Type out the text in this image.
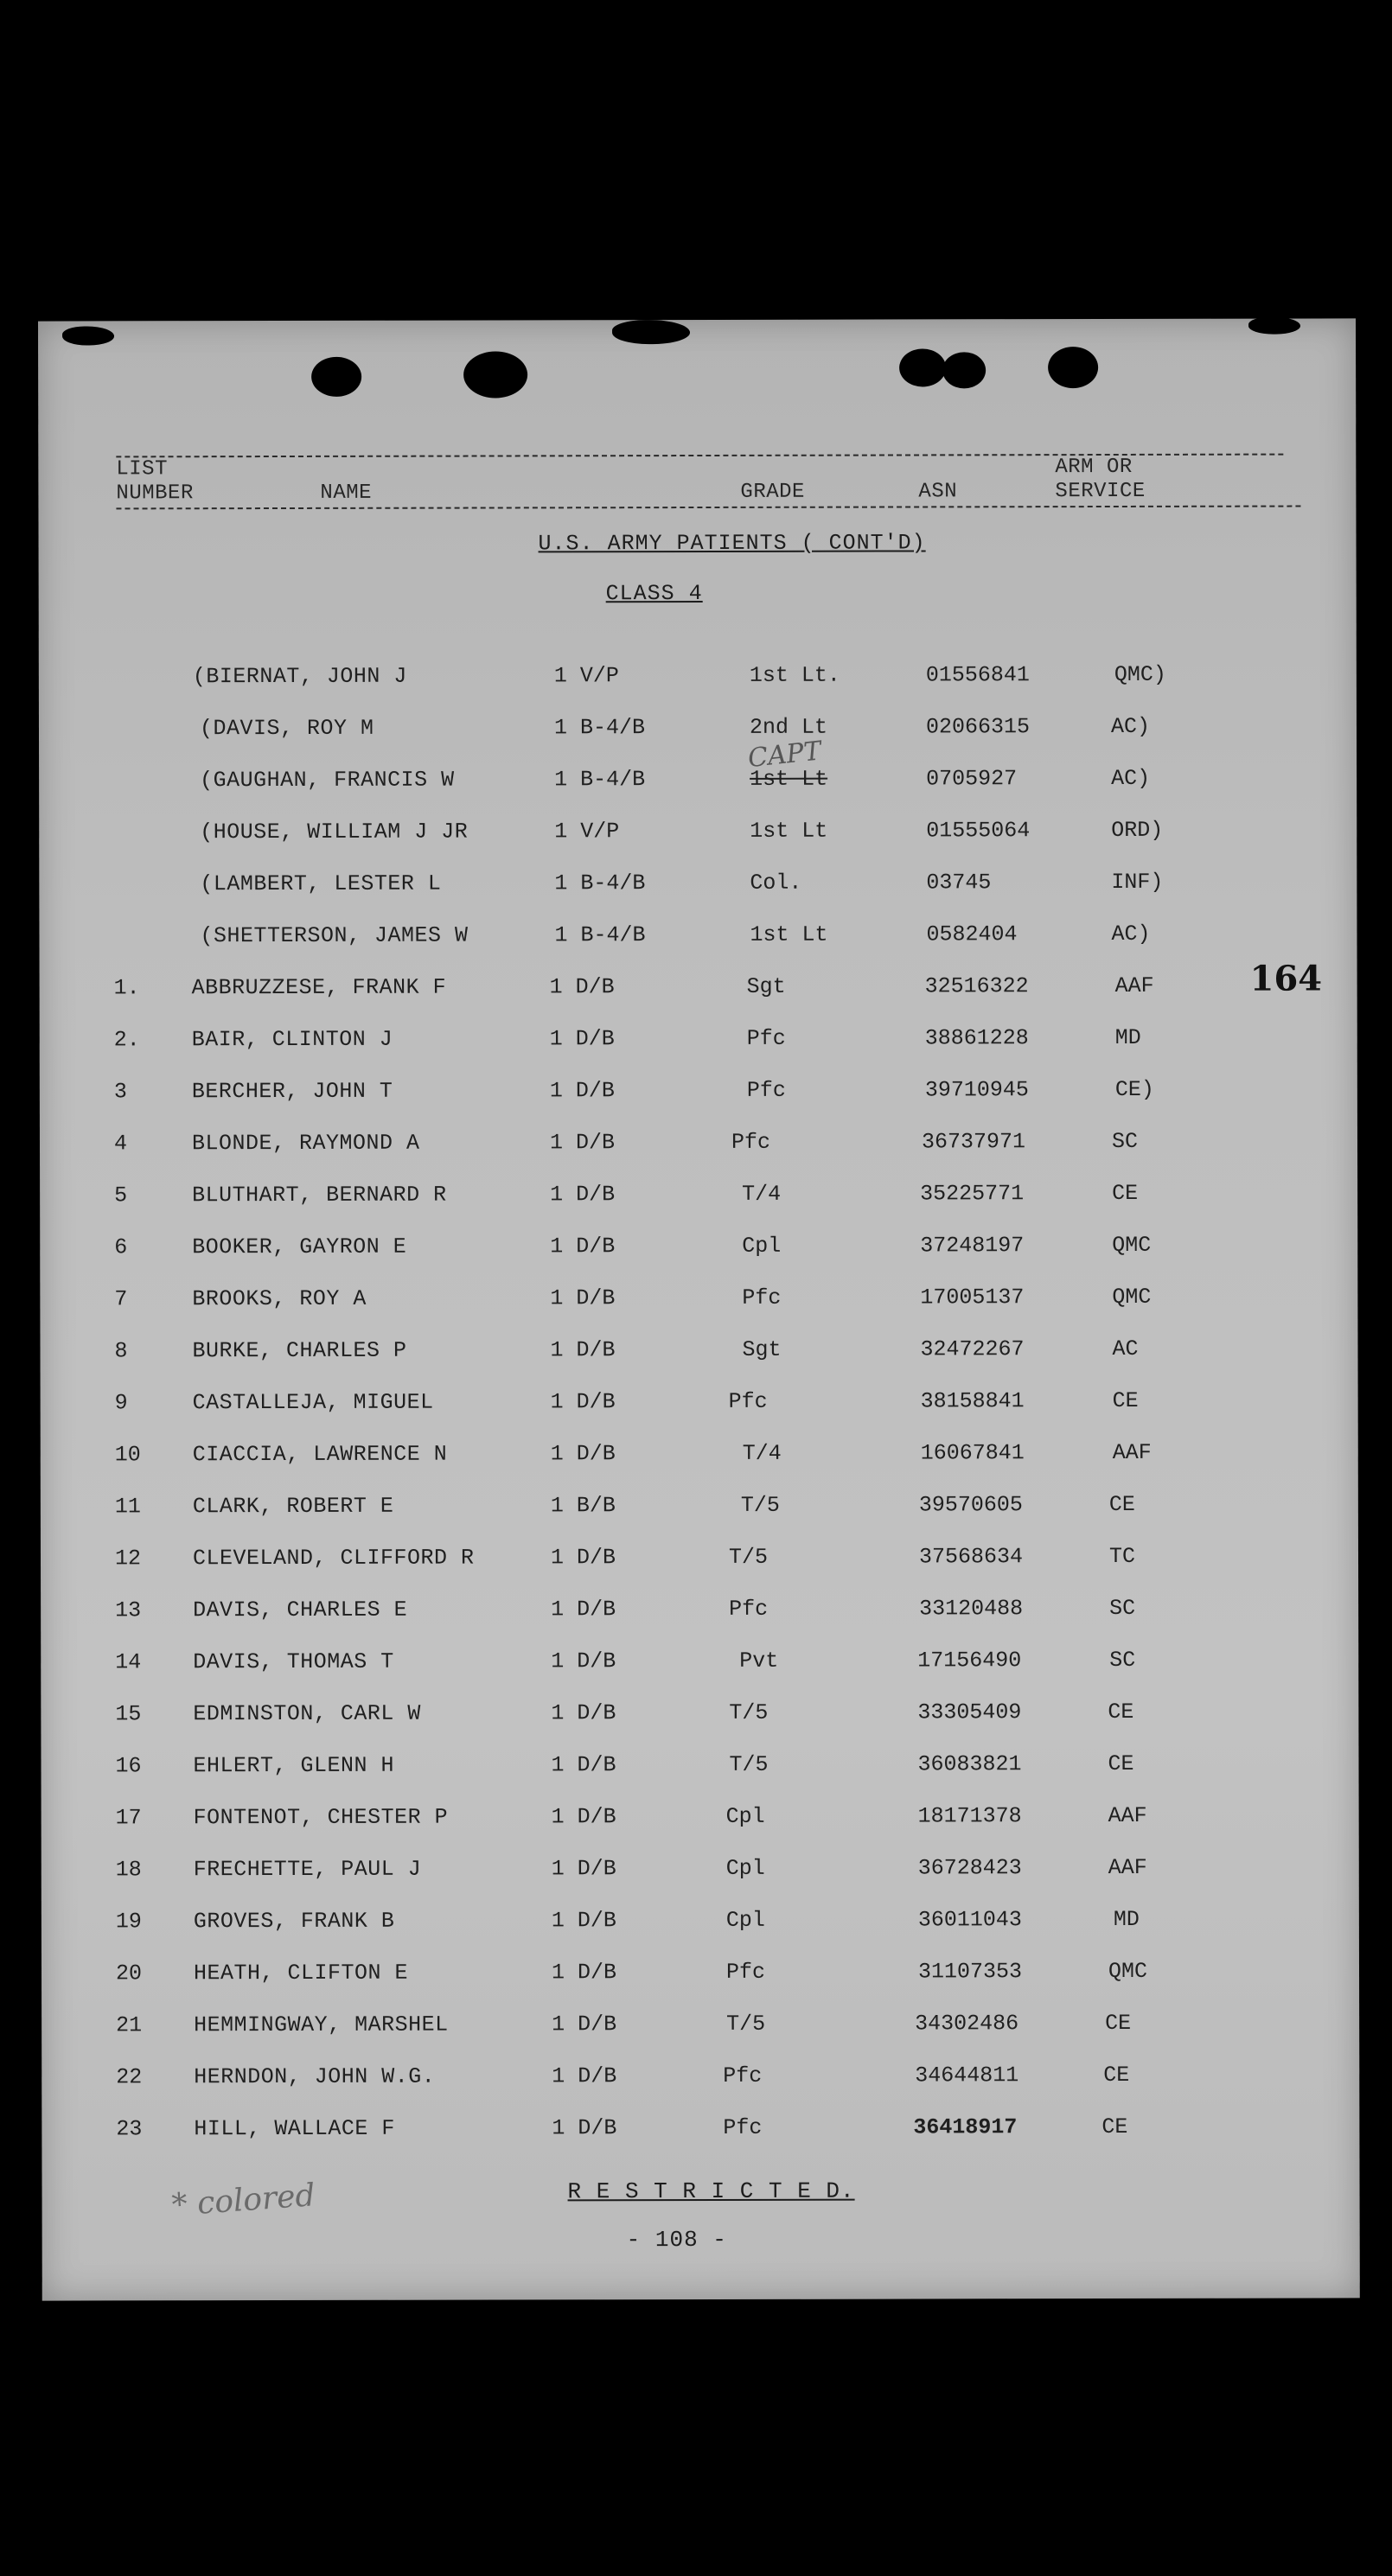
LIST
NUMBER	NAME	GRADE	ASN
ARM OR
SERVICE
U.S. ARMY PATIENTS ( CONT'D)
CLASS 4
(BIERNAT, JOHN J	1 V/P	1st Lt.	01556841	QMC)
(DAVIS, ROY M	1 B-4/B	2nd Lt	02066315	AC)
CAPT
(GAUGHAN, FRANCIS W	1 B-4/B	1st Lt	0705927	AC)
(HOUSE, WILLIAM J JR	1 V/P	1st Lt	01555064	ORD)
(LAMBERT, LESTER L	1 B-4/B	Col.	03745	INF)
(SHETTERSON, JAMES W	1 B-4/B	1st Lt	0582404	AC)
164
1. ABBRUZZESE, FRANK F	1 D/B	Sgt	32516322	AAF
2. BAIR, CLINTON J	1 D/B	Pfc	38861228	MD
3	BERCHER, JOHN T	1 D/B	Pfc	39710945	CE)
4	BLONDE, RAYMOND A	1 D/B	Pfc	36737971	SC
5	BLUTHART, BERNARD R	1 D/B	T/4	35225771	CE
6	BOOKER, GAYRON E	1 D/B	Cpl	37248197	QMC
7	BROOKS, ROY A	1 D/B	Pfc	17005137	QMC
8	BURKE, CHARLES P	1 D/B	Sgt	32472267	AC
9	CASTALLEJA, MIGUEL	1 D/B	Pfc	38158841	CE
10 CIACCIA, LAWRENCE N	1 D/B	T/4	16067841	AAF
11 CLARK, ROBERT E	1 B/B	T/5	39570605	CE
12 CLEVELAND, CLIFFORD R	1 D/B	T/5	37568634	TC
13 DAVIS, CHARLES E	1 D/B	Pfc	33120488	SC
14 DAVIS, THOMAS T	1 D/B	Pvt	17156490	SC
15 EDMINSTON, CARL W	1 D/B	T/5	33305409	CE
16 EHLERT, GLENN H	1 D/B	T/5	36083821	CE
17 FONTENOT, CHESTER P	1 D/B	Cpl	18171378	AAF
18 FRECHETTE, PAUL J	1 D/B	Cpl	36728423	AAF
19 GROVES, FRANK B	1 D/B	Cpl	36011043	MD
20 HEATH, CLIFTON E	1 D/B	Pfc	31107353	QMC
21 HEMMINGWAY, MARSHEL	1 D/B	T/5	34302486	CE
22 HERNDON, JOHN W.G.	1 D/B	Pfc	34644811	CE
23 HILL, WALLACE F	1 D/B	Pfc	36418917	CE
* colored	R E S T R I C T E D.
- 108 -
